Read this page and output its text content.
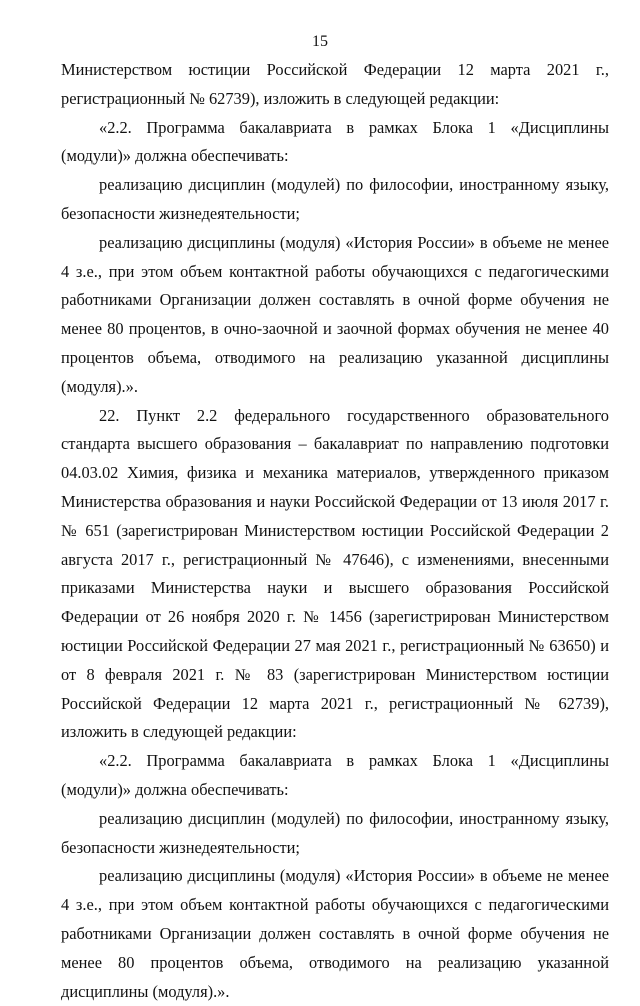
15

Министерством юстиции Российской Федерации 12 марта 2021 г., регистрационный № 62739), изложить в следующей редакции:

«2.2. Программа бакалавриата в рамках Блока 1 «Дисциплины (модули)» должна обеспечивать:

реализацию дисциплин (модулей) по философии, иностранному языку, безопасности жизнедеятельности;

реализацию дисциплины (модуля) «История России» в объеме не менее 4 з.е., при этом объем контактной работы обучающихся с педагогическими работниками Организации должен составлять в очной форме обучения не менее 80 процентов, в очно-заочной и заочной формах обучения не менее 40 процентов объема, отводимого на реализацию указанной дисциплины (модуля).».

22. Пункт 2.2 федерального государственного образовательного стандарта высшего образования – бакалавриат по направлению подготовки 04.03.02 Химия, физика и механика материалов, утвержденного приказом Министерства образования и науки Российской Федерации от 13 июля 2017 г. № 651 (зарегистрирован Министерством юстиции Российской Федерации 2 августа 2017 г., регистрационный № 47646), с изменениями, внесенными приказами Министерства науки и высшего образования Российской Федерации от 26 ноября 2020 г. № 1456 (зарегистрирован Министерством юстиции Российской Федерации 27 мая 2021 г., регистрационный № 63650) и от 8 февраля 2021 г. № 83 (зарегистрирован Министерством юстиции Российской Федерации 12 марта 2021 г., регистрационный № 62739), изложить в следующей редакции:

«2.2. Программа бакалавриата в рамках Блока 1 «Дисциплины (модули)» должна обеспечивать:

реализацию дисциплин (модулей) по философии, иностранному языку, безопасности жизнедеятельности;

реализацию дисциплины (модуля) «История России» в объеме не менее 4 з.е., при этом объем контактной работы обучающихся с педагогическими работниками Организации должен составлять в очной форме обучения не менее 80 процентов объема, отводимого на реализацию указанной дисциплины (модуля).».
